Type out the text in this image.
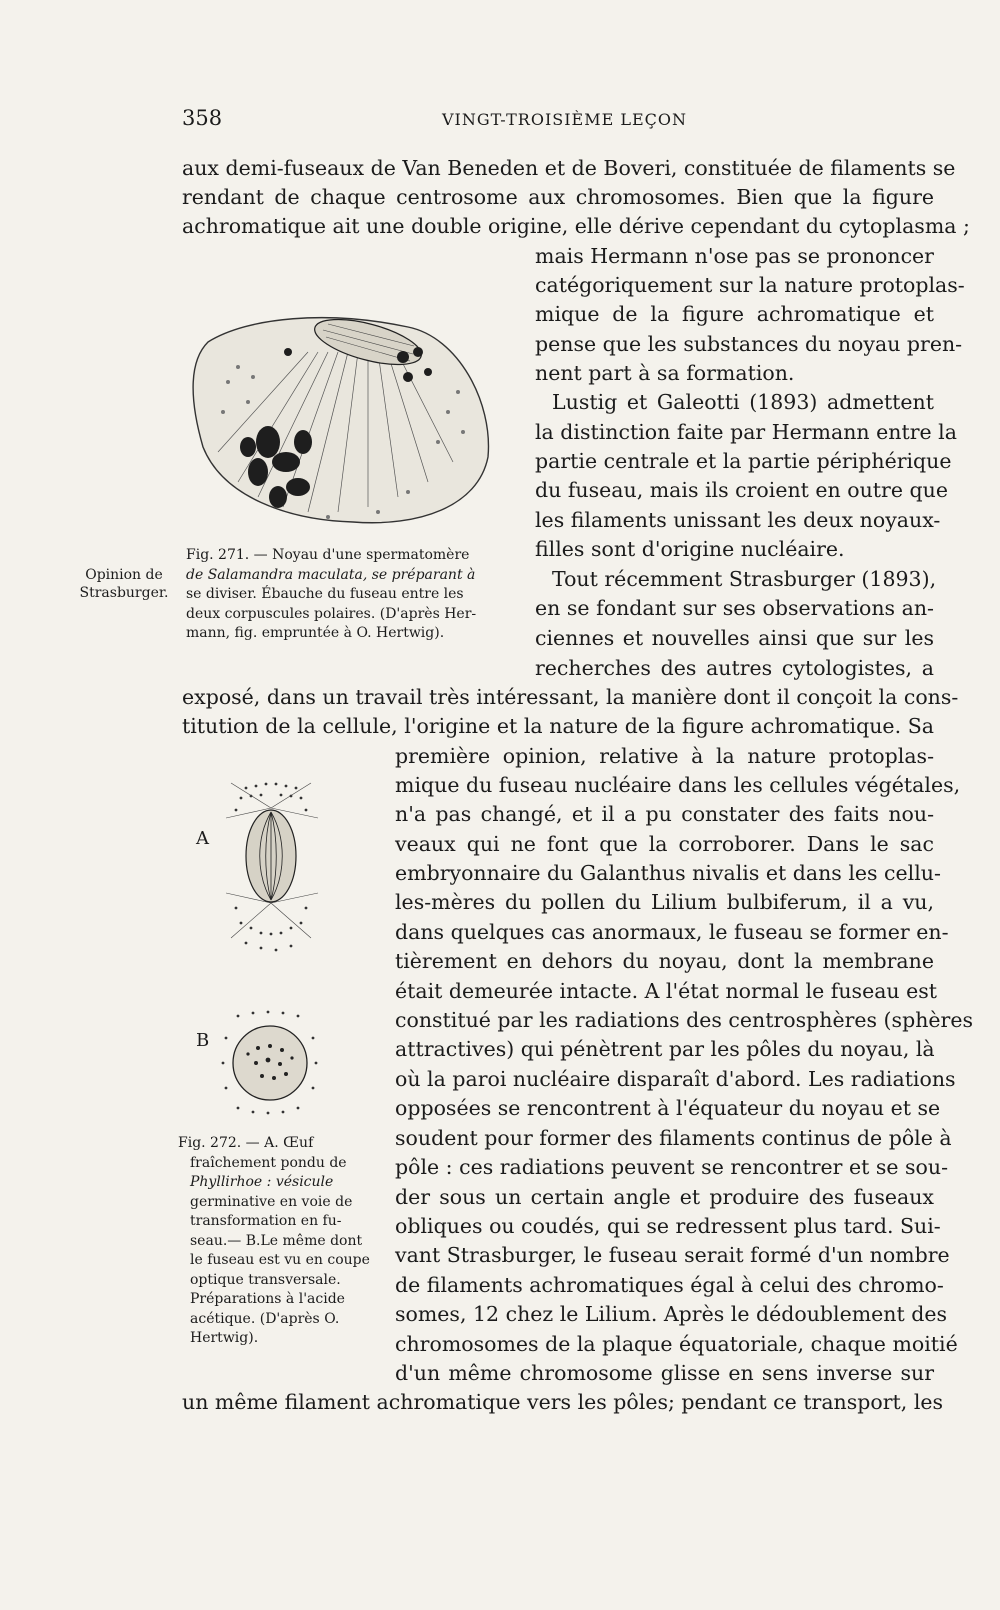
358	VINGT-TROISIÈME LEÇON
Opinion de
Strasburger.
Fig. 271. — Noyau d'une spermatomère
de Salamandra maculata, se préparant à
se diviser. Ébauche du fuseau entre les
deux corpuscules polaires. (D'après Her-
mann, fig. empruntée à O. Hertwig).
A
B
Fig. 272. — A. Œuf
fraîchement pondu de
Phyllirhoe : vésicule
germinative en voie de
transformation en fu-
seau.— B.Le même dont
le fuseau est vu en coupe
optique transversale.
Préparations à l'acide
acétique. (D'après O.
Hertwig).
aux demi-fuseaux de Van Beneden et de Boveri, constituée de filaments se
rendant de chaque centrosome aux chromosomes. Bien que la figure
achromatique ait une double origine, elle dérive cependant du cytoplasma ;
mais Hermann n'ose pas se prononcer
catégoriquement sur la nature protoplas-
mique de la figure achromatique et
pense que les substances du noyau pren-
nent part à sa formation.
Lustig et Galeotti (1893) admettent
la distinction faite par Hermann entre la
partie centrale et la partie périphérique
du fuseau, mais ils croient en outre que
les filaments unissant les deux noyaux-
filles sont d'origine nucléaire.
Tout récemment Strasburger (1893),
en se fondant sur ses observations an-
ciennes et nouvelles ainsi que sur les
recherches des autres cytologistes, a
exposé, dans un travail très intéressant, la manière dont il conçoit la cons-
titution de la cellule, l'origine et la nature de la figure achromatique. Sa
première opinion, relative à la nature protoplas-
mique du fuseau nucléaire dans les cellules végétales,
n'a pas changé, et il a pu constater des faits nou-
veaux qui ne font que la corroborer. Dans le sac
embryonnaire du Galanthus nivalis et dans les cellu-
les-mères du pollen du Lilium bulbiferum, il a vu,
dans quelques cas anormaux, le fuseau se former en-
tièrement en dehors du noyau, dont la membrane
était demeurée intacte. A l'état normal le fuseau est
constitué par les radiations des centrosphères (sphères
attractives) qui pénètrent par les pôles du noyau, là
où la paroi nucléaire disparaît d'abord. Les radiations
opposées se rencontrent à l'équateur du noyau et se
soudent pour former des filaments continus de pôle à
pôle : ces radiations peuvent se rencontrer et se sou-
der sous un certain angle et produire des fuseaux
obliques ou coudés, qui se redressent plus tard. Sui-
vant Strasburger, le fuseau serait formé d'un nombre
de filaments achromatiques égal à celui des chromo-
somes, 12 chez le Lilium. Après le dédoublement des
chromosomes de la plaque équatoriale, chaque moitié
d'un même chromosome glisse en sens inverse sur
un même filament achromatique vers les pôles; pendant ce transport, les
